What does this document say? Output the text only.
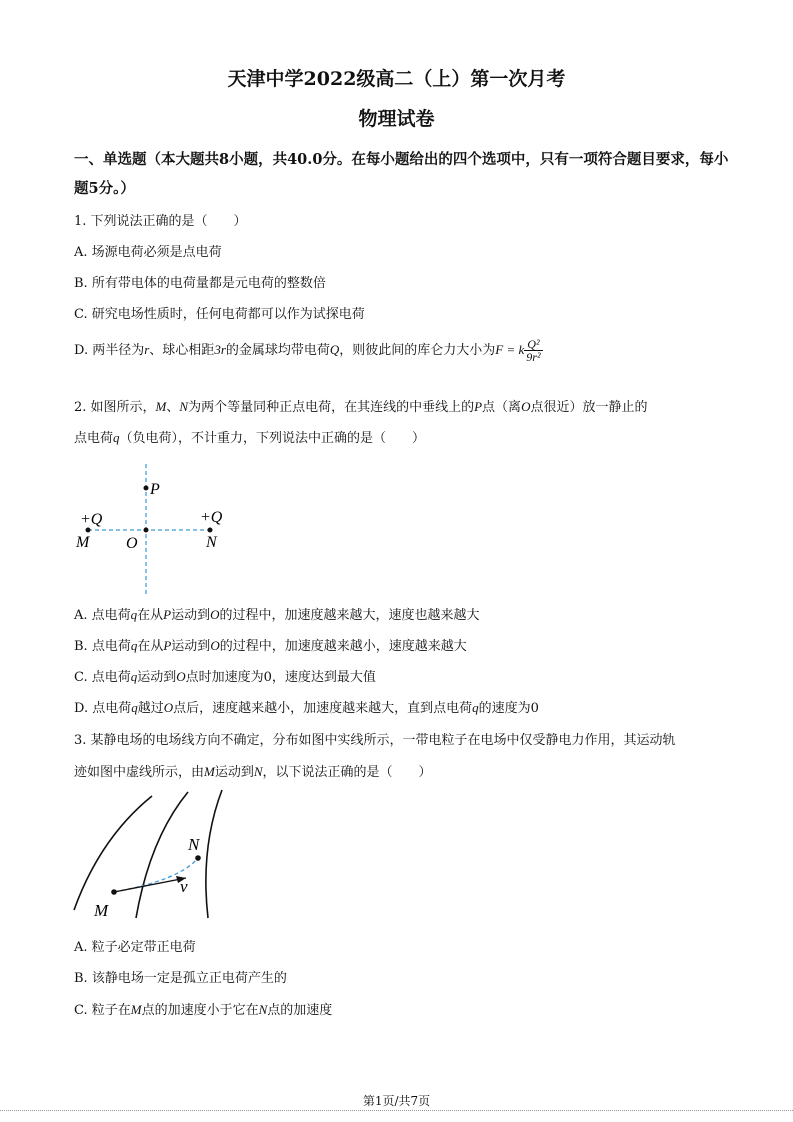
天津中学2022级高二（上）第一次月考
物理试卷
一、单选题（本大题共8小题，共40.0分。在每小题给出的四个选项中，只有一项符合题目要求，每小题5分。）
1. 下列说法正确的是（　　）
A. 场源电荷必须是点电荷
B. 所有带电体的电荷量都是元电荷的整数倍
C. 研究电场性质时，任何电荷都可以作为试探电荷
D. 两半径为r、球心相距3r的金属球均带电荷Q，则彼此间的库仑力大小为F = k $\frac{\text{Q²}}{\text{9r²}}$
2. 如图所示，M、N为两个等量同种正点电荷，在其连线的中垂线上的P点（离O点很近）放一静止的
点电荷q（负电荷），不计重力，下列说法中正确的是（　　）
P
+Q
M O
+Q
N
A. 点电荷q在从P运动到O的过程中，加速度越来越大，速度也越来越大
B. 点电荷q在从P运动到O的过程中，加速度越来越小，速度越来越大
C. 点电荷q运动到O点时加速度为0，速度达到最大值
D. 点电荷q越过O点后，速度越来越小，加速度越来越大，直到点电荷q的速度为0
3. 某静电场的电场线方向不确定，分布如图中实线所示，一带电粒子在电场中仅受静电力作用，其运动轨
迹如图中虚线所示，由M运动到N，以下说法正确的是（　　）
N
v
M
A. 粒子必定带正电荷
B. 该静电场一定是孤立正电荷产生的
C. 粒子在M点的加速度小于它在N点的加速度
第1页/共7页
